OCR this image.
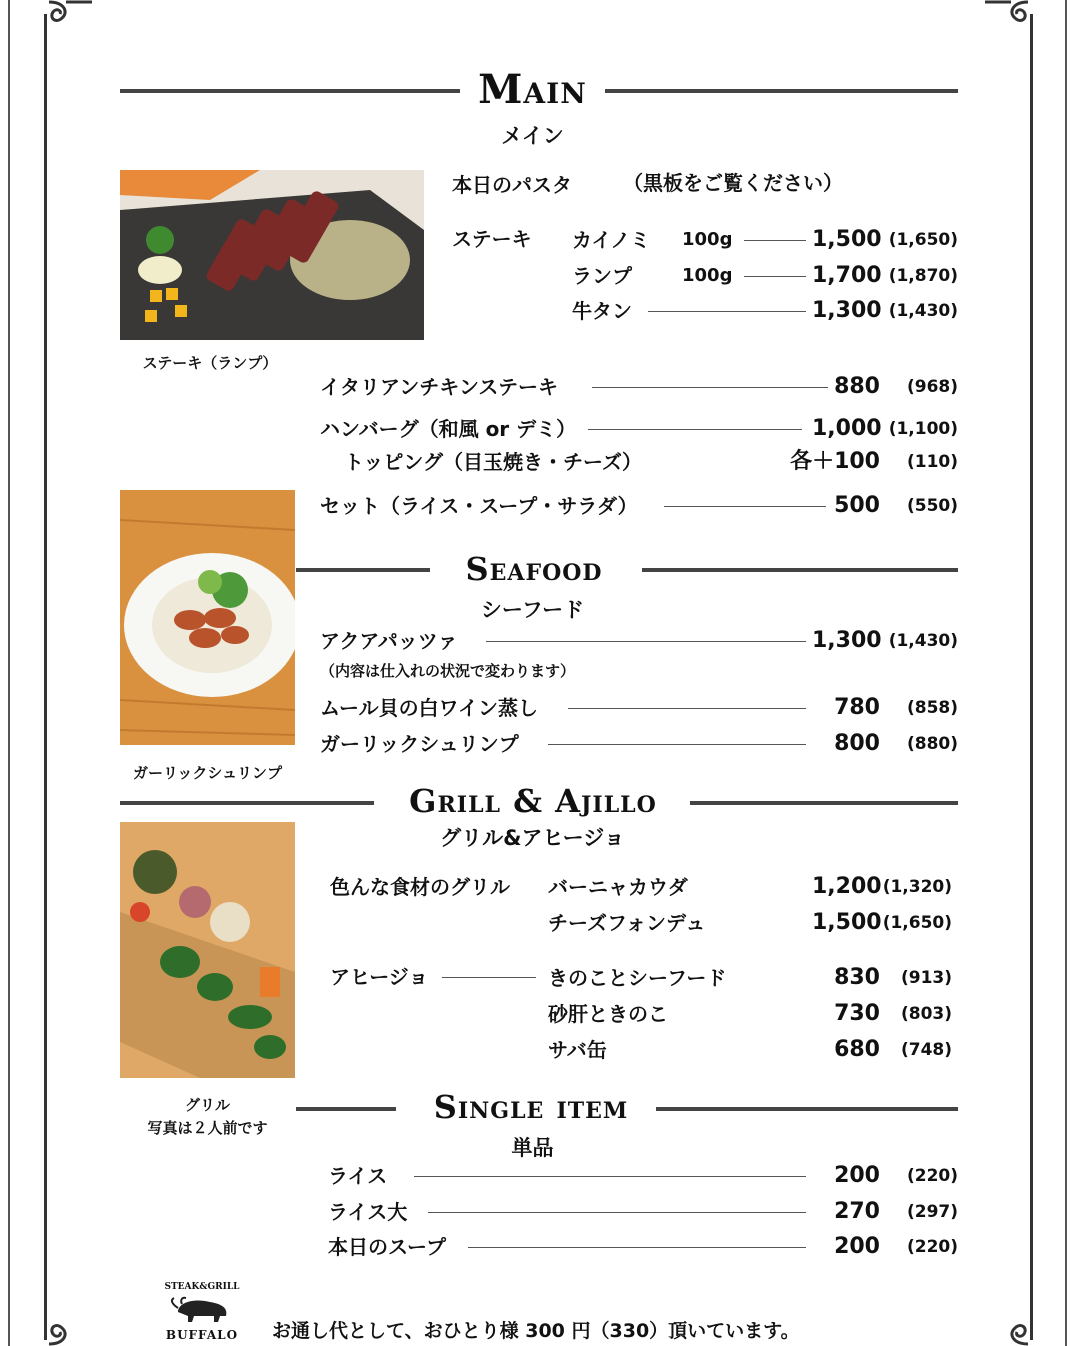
Main
メイン
ステーキ（ランプ）
本日のパスタ	（黒板をご覧ください）
ステーキ カイノミ 100g	1,500 (1,650)
ランプ	100g	1,700 (1,870)
牛タン	1,300 (1,430)
イタリアンチキンステーキ	880	(968)
ハンバーグ（和風 or デミ）	1,000 (1,100)
トッピング（目玉焼き・チーズ）	各＋100	(110)
セット（ライス・スープ・サラダ）	500	(550)
ガーリックシュリンプ
Seafood
シーフード
アクアパッツァ	1,300 (1,430)
（内容は仕入れの状況で変わります）
ムール貝の白ワイン蒸し	780	(858)
ガーリックシュリンプ	800	(880)
Grill & Ajillo
グリル&アヒージョ
グリル
写真は２人前です
色んな食材のグリル バーニャカウダ	1,200 (1,320)
チーズフォンデュ	1,500 (1,650)
アヒージョ	きのことシーフード	830	(913)
砂肝ときのこ	730	(803)
サバ缶	680	(748)
Single item
単品
ライス	200	(220)
ライス大	270	(297)
本日のスープ	200	(220)
STEAK&GRILL
BUFFALO	お通し代として、おひとり様 300 円（330）頂いています。
